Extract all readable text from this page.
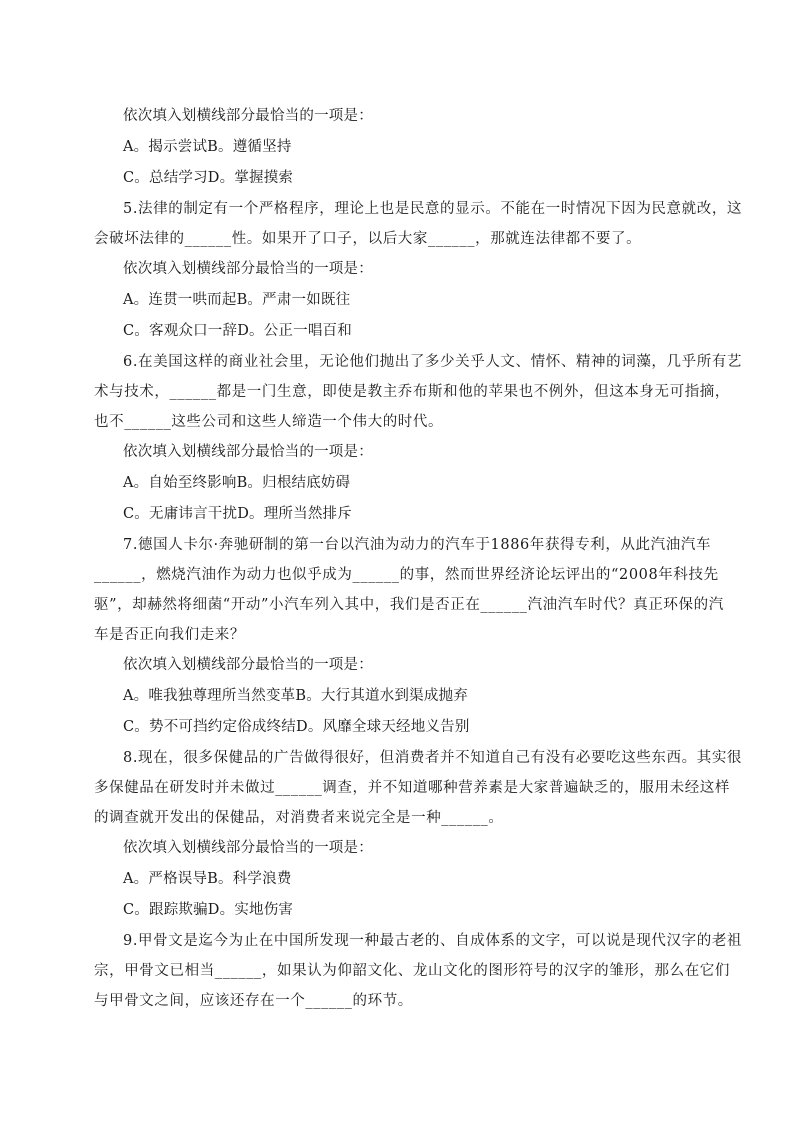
依次填入划横线部分最恰当的一项是：
A。揭示尝试B。遵循坚持
C。总结学习D。掌握摸索
5.法律的制定有一个严格程序，理论上也是民意的显示。不能在一时情况下因为民意就改，这
会破坏法律的______性。如果开了口子，以后大家______，那就连法律都不要了。
依次填入划横线部分最恰当的一项是：
A。连贯一哄而起B。严肃一如既往
C。客观众口一辞D。公正一唱百和
6.在美国这样的商业社会里，无论他们抛出了多少关乎人文、情怀、精神的词藻，几乎所有艺
术与技术，______都是一门生意，即使是教主乔布斯和他的苹果也不例外，但这本身无可指摘，
也不______这些公司和这些人缔造一个伟大的时代。
依次填入划横线部分最恰当的一项是：
A。自始至终影响B。归根结底妨碍
C。无庸讳言干扰D。理所当然排斥
7.德国人卡尔·奔驰研制的第一台以汽油为动力的汽车于1886年获得专利，从此汽油汽车
______，燃烧汽油作为动力也似乎成为______的事，然而世界经济论坛评出的“2008年科技先
驱”，却赫然将细菌“开动”小汽车列入其中，我们是否正在______汽油汽车时代？真正环保的汽
车是否正向我们走来？
依次填入划横线部分最恰当的一项是：
A。唯我独尊理所当然变革B。大行其道水到渠成抛弃
C。势不可挡约定俗成终结D。风靡全球天经地义告别
8.现在，很多保健品的广告做得很好，但消费者并不知道自己有没有必要吃这些东西。其实很
多保健品在研发时并未做过______调查，并不知道哪种营养素是大家普遍缺乏的，服用未经这样
的调查就开发出的保健品，对消费者来说完全是一种______。
依次填入划横线部分最恰当的一项是：
A。严格误导B。科学浪费
C。跟踪欺骗D。实地伤害
9.甲骨文是迄今为止在中国所发现一种最古老的、自成体系的文字，可以说是现代汉字的老祖
宗，甲骨文已相当______，如果认为仰韶文化、龙山文化的图形符号的汉字的雏形，那么在它们
与甲骨文之间，应该还存在一个______的环节。
